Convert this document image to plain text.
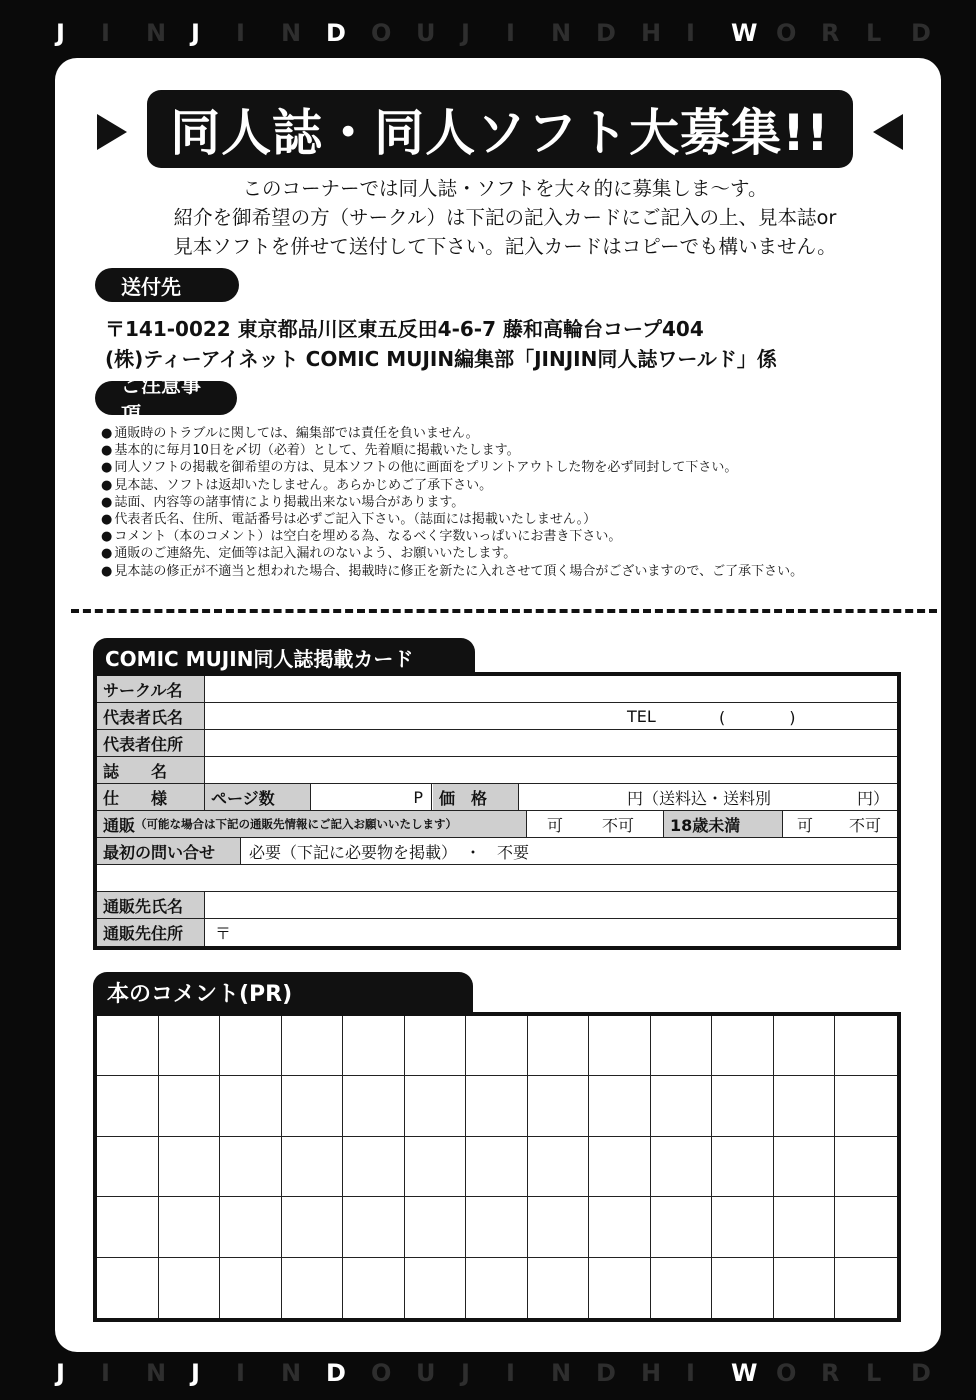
J	I	N	J	I	N	D	O	U	J	I	N	D	H	I	W O	R	L	D
同人誌・同人ソフト大募集!!
このコーナーでは同人誌・ソフトを大々的に募集しま～す。
紹介を御希望の方（サークル）は下記の記入カードにご記入の上、見本誌or
見本ソフトを併せて送付して下さい。記入カードはコピーでも構いません。
送付先
〒141-0022 東京都品川区東五反田4-6-7 藤和高輪台コープ404
(株)ティーアイネット COMIC MUJIN編集部「JINJIN同人誌ワールド」係
ご注意事項
● 通販時のトラブルに関しては、編集部では責任を負いません。
● 基本的に毎月10日を〆切（必着）として、先着順に掲載いたします。
● 同人ソフトの掲載を御希望の方は、見本ソフトの他に画面をプリントアウトした物を必ず同封して下さい。
● 見本誌、ソフトは返却いたしません。あらかじめご了承下さい。
● 誌面、内容等の諸事情により掲載出来ない場合があります。
● 代表者氏名、住所、電話番号は必ずご記入下さい。（誌面には掲載いたしません。）
● コメント（本のコメント）は空白を埋める為、なるべく字数いっぱいにお書き下さい。
● 通販のご連絡先、定価等は記入漏れのないよう、お願いいたします。
● 見本誌の修正が不適当と想われた場合、掲載時に修正を新たに入れさせて頂く場合がございますので、ご了承下さい。
COMIC MUJIN同人誌掲載カード
サークル名
代表者氏名	TEL	(　　　　)
代表者住所
誌　　名
仕　　様	ページ数	P	価　格	円（送料込・送料別	円）
通販 （可能な場合は下記の通販先情報にご記入お願いいたします）	可 不可	18歳未満	可 不可
最初の問い合せ	必要（下記に必要物を掲載）　・　不要
通販先氏名
通販先住所	〒
本のコメント(PR)
J	I	N	J	I	N	D	O	U	J	I	N	D	H	I	W O	R	L	D
